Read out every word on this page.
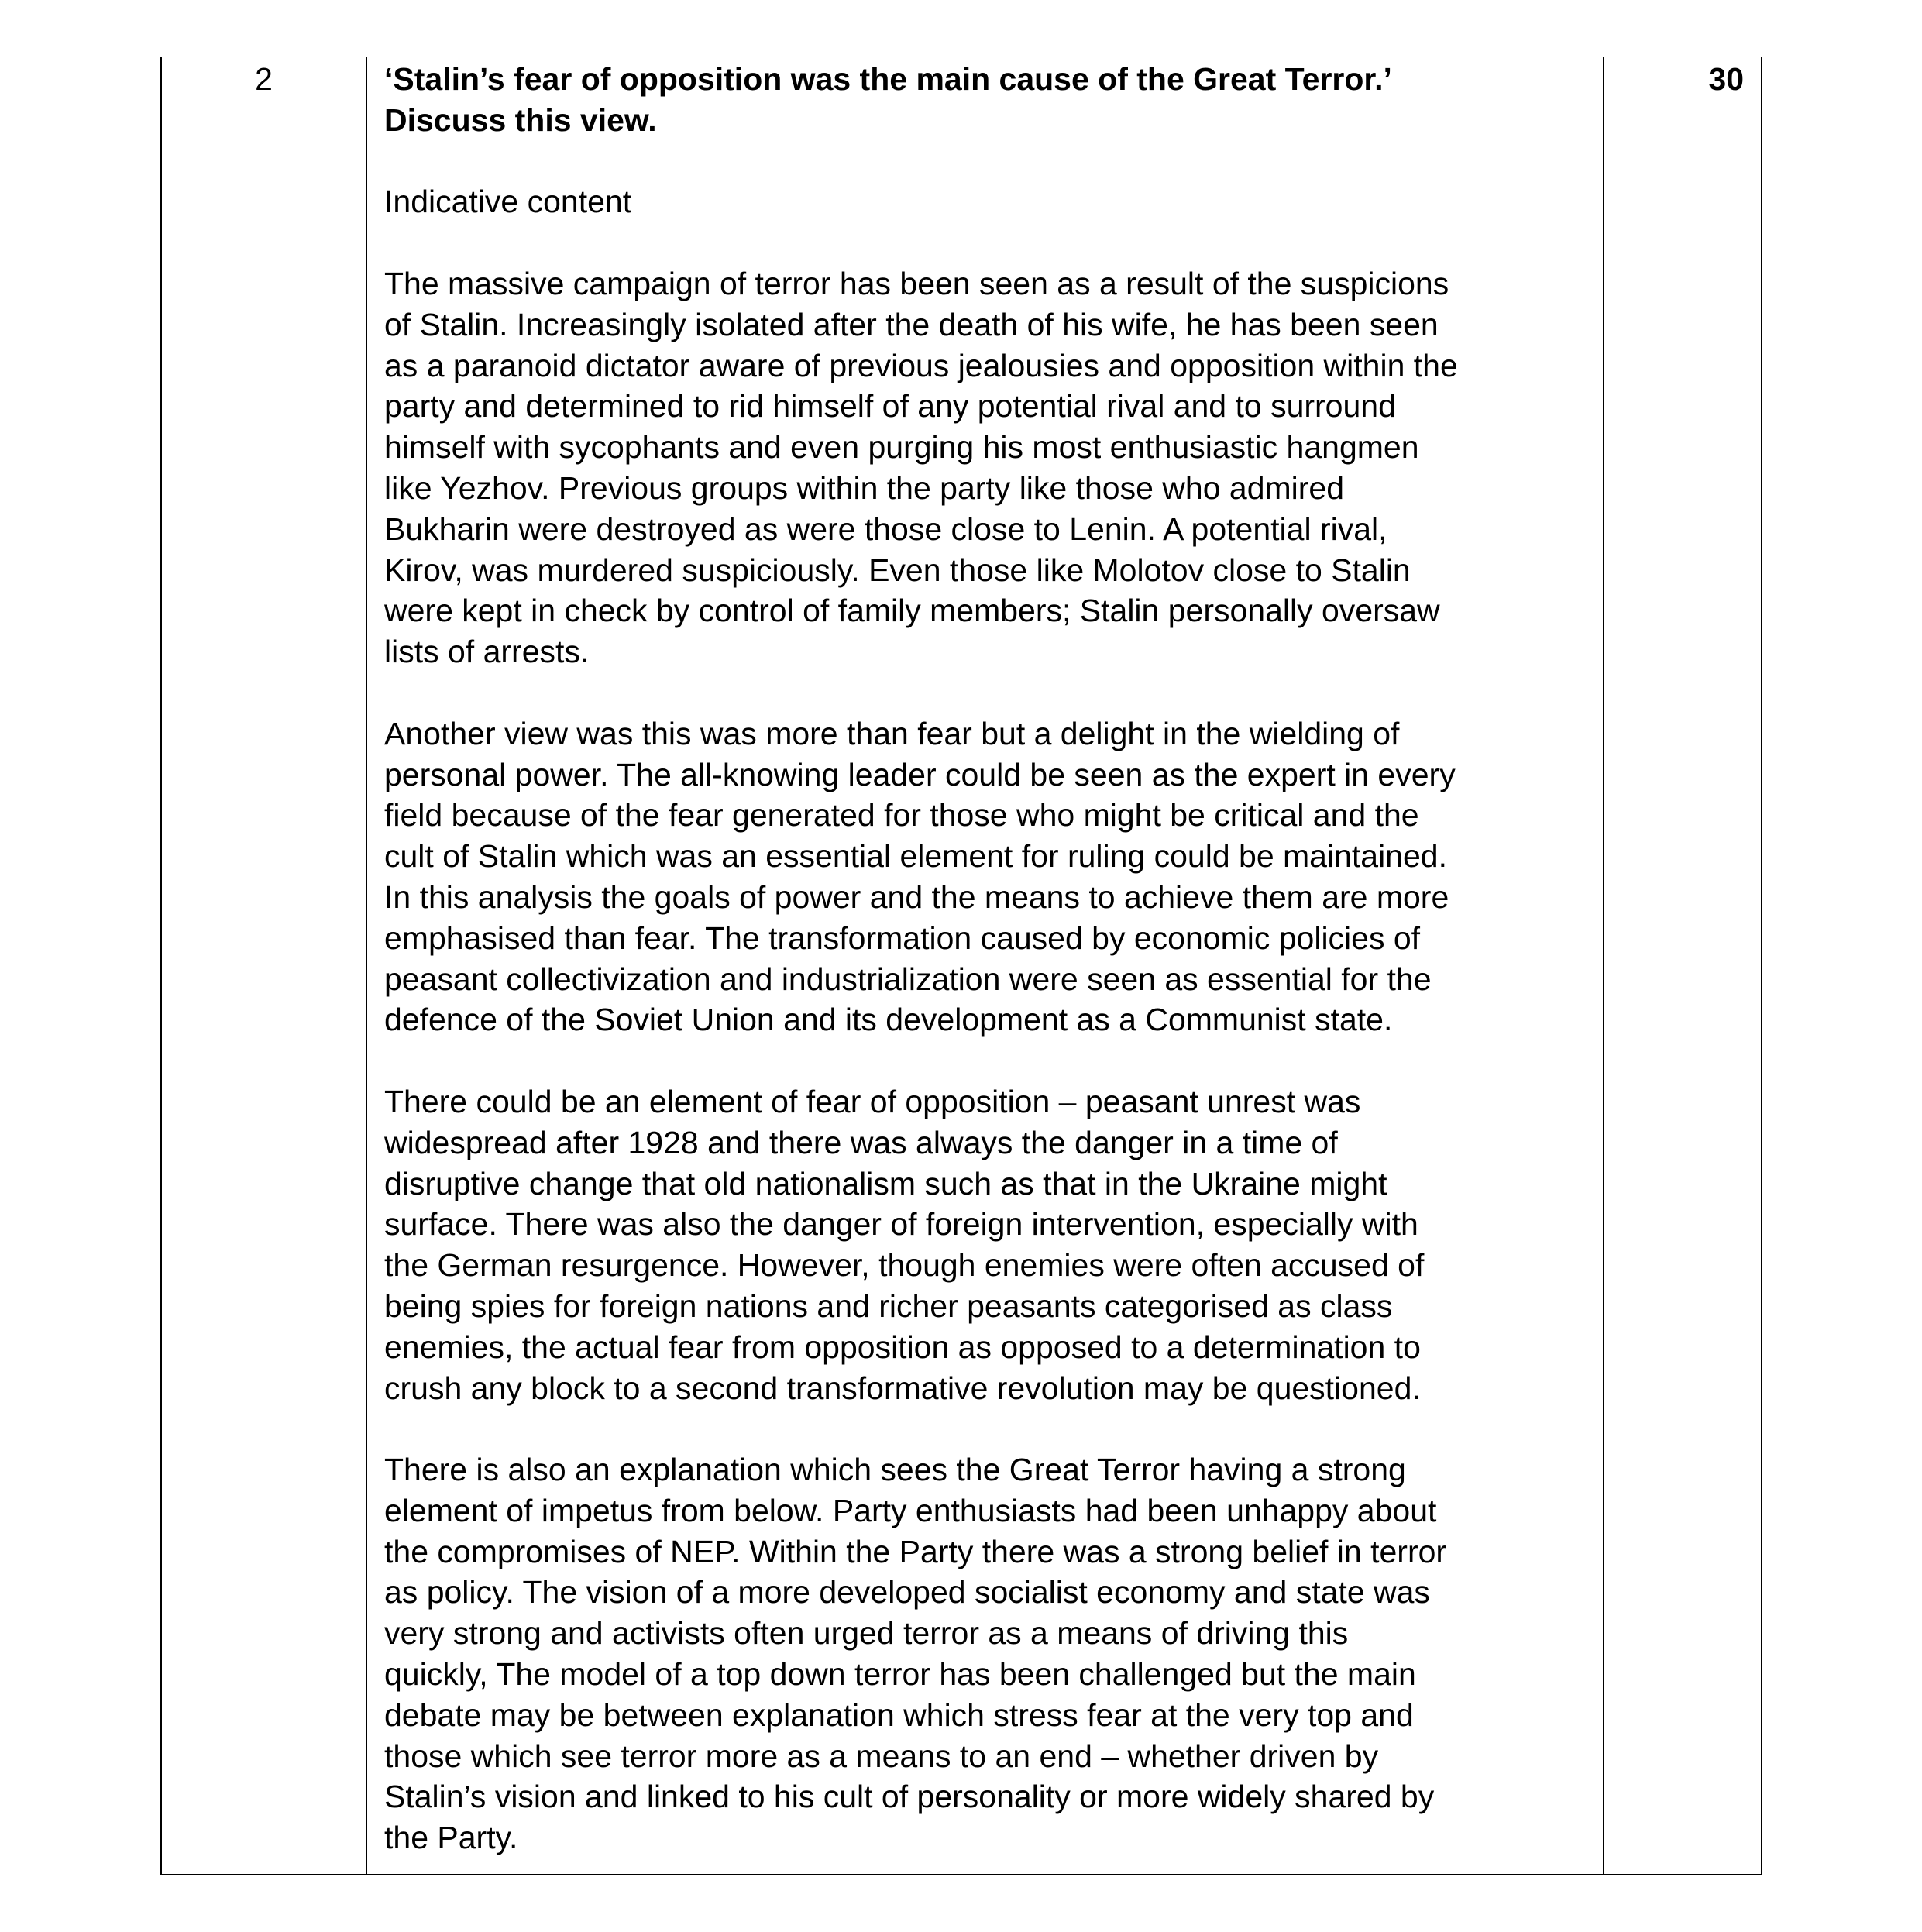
2	‘Stalin’s fear of opposition was the main cause of the Great Terror.’
Discuss this view.

Indicative content

The massive campaign of terror has been seen as a result of the suspicions
of Stalin. Increasingly isolated after the death of his wife, he has been seen
as a paranoid dictator aware of previous jealousies and opposition within the
party and determined to rid himself of any potential rival and to surround
himself with sycophants and even purging his most enthusiastic hangmen
like Yezhov. Previous groups within the party like those who admired
Bukharin were destroyed as were those close to Lenin. A potential rival,
Kirov, was murdered suspiciously. Even those like Molotov close to Stalin
were kept in check by control of family members; Stalin personally oversaw
lists of arrests.

Another view was this was more than fear but a delight in the wielding of
personal power. The all-knowing leader could be seen as the expert in every
field because of the fear generated for those who might be critical and the
cult of Stalin which was an essential element for ruling could be maintained.
In this analysis the goals of power and the means to achieve them are more
emphasised than fear. The transformation caused by economic policies of
peasant collectivization and industrialization were seen as essential for the
defence of the Soviet Union and its development as a Communist state.

There could be an element of fear of opposition – peasant unrest was
widespread after 1928 and there was always the danger in a time of
disruptive change that old nationalism such as that in the Ukraine might
surface. There was also the danger of foreign intervention, especially with
the German resurgence. However, though enemies were often accused of
being spies for foreign nations and richer peasants categorised as class
enemies, the actual fear from opposition as opposed to a determination to
crush any block to a second transformative revolution may be questioned.

There is also an explanation which sees the Great Terror having a strong
element of impetus from below. Party enthusiasts had been unhappy about
the compromises of NEP. Within the Party there was a strong belief in terror
as policy. The vision of a more developed socialist economy and state was
very strong and activists often urged terror as a means of driving this
quickly, The model of a top down terror has been challenged but the main
debate may be between explanation which stress fear at the very top and
those which see terror more as a means to an end – whether driven by
Stalin’s vision and linked to his cult of personality or more widely shared by
the Party.

30
